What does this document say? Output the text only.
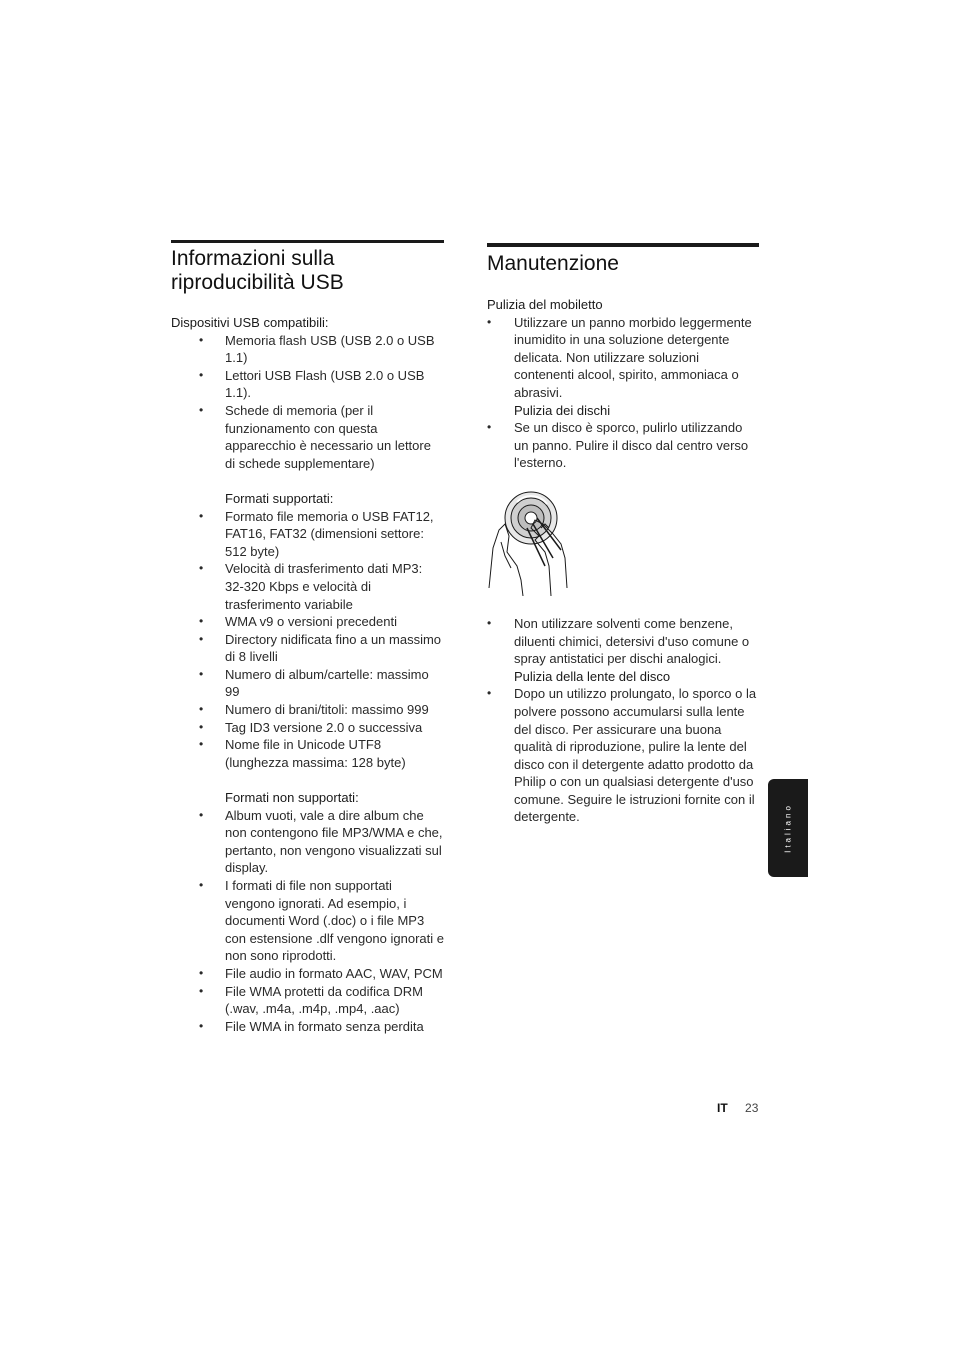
Informazioni sulla
riproducibilità USB

Dispositivi USB compatibili:

• Memoria flash USB (USB 2.0 o USB 1.1)
• Lettori USB Flash (USB 2.0 o USB 1.1).
• Schede di memoria (per il funzionamento con questa apparecchio è necessario un lettore di schede supplementare)

Formati supportati:

• Formato file memoria o USB FAT12, FAT16, FAT32 (dimensioni settore: 512 byte)
• Velocità di trasferimento dati MP3: 32-320 Kbps e velocità di trasferimento variabile
• WMA v9 o versioni precedenti
• Directory nidificata fino a un massimo di 8 livelli
• Numero di album/cartelle: massimo 99
• Numero di brani/titoli: massimo 999
• Tag ID3 versione 2.0 o successiva
• Nome file in Unicode UTF8 (lunghezza massima: 128 byte)

Formati non supportati:

• Album vuoti, vale a dire album che non contengono file MP3/WMA e che, pertanto, non vengono visualizzati sul display.
• I formati di file non supportati vengono ignorati. Ad esempio, i documenti Word (.doc) o i file MP3 con estensione .dlf vengono ignorati e non sono riprodotti.
• File audio in formato AAC, WAV, PCM
• File WMA protetti da codifica DRM (.wav, .m4a, .m4p, .mp4, .aac)
• File WMA in formato senza perdita
Manutenzione

Pulizia del mobiletto

• Utilizzare un panno morbido leggermente inumidito in una soluzione detergente delicata. Non utilizzare soluzioni contenenti alcool, spirito, ammoniaca o abrasivi.

Pulizia dei dischi

• Se un disco è sporco, pulirlo utilizzando un panno. Pulire il disco dal centro verso l'esterno.
• Non utilizzare solventi come benzene, diluenti chimici, detersivi d'uso comune o spray antistatici per dischi analogici.

Pulizia della lente del disco

• Dopo un utilizzo prolungato, lo sporco o la polvere possono accumularsi sulla lente del disco. Per assicurare una buona qualità di riproduzione, pulire la lente del disco con il detergente adatto prodotto da Philip o con un qualsiasi detergente d'uso comune. Seguire le istruzioni fornite con il detergente.	Italiano
IT 23
